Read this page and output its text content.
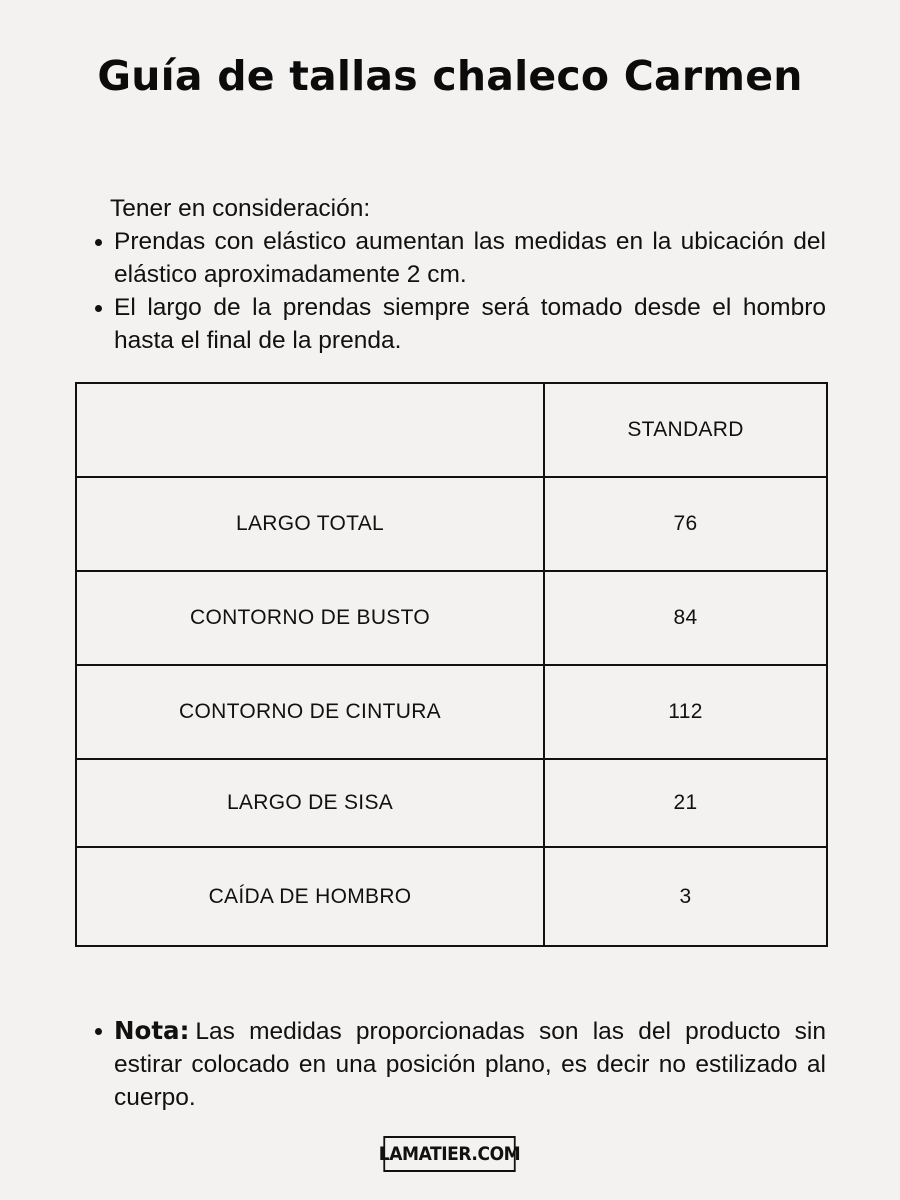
Guía de tallas chaleco Carmen

Tener en consideración:

Prendas con elástico aumentan las medidas en la ubicación del elástico aproximadamente 2 cm.
El largo de la prendas siempre será tomado desde el hombro hasta el final de la prenda.
	STANDARD
LARGO TOTAL	76
CONTORNO DE BUSTO	84
CONTORNO DE CINTURA	112
LARGO DE SISA	21
CAÍDA DE HOMBRO	3
Nota: Las medidas proporcionadas son las del producto sin estirar colocado en una posición plano, es decir no estilizado al cuerpo.
LAMATIER.COM
